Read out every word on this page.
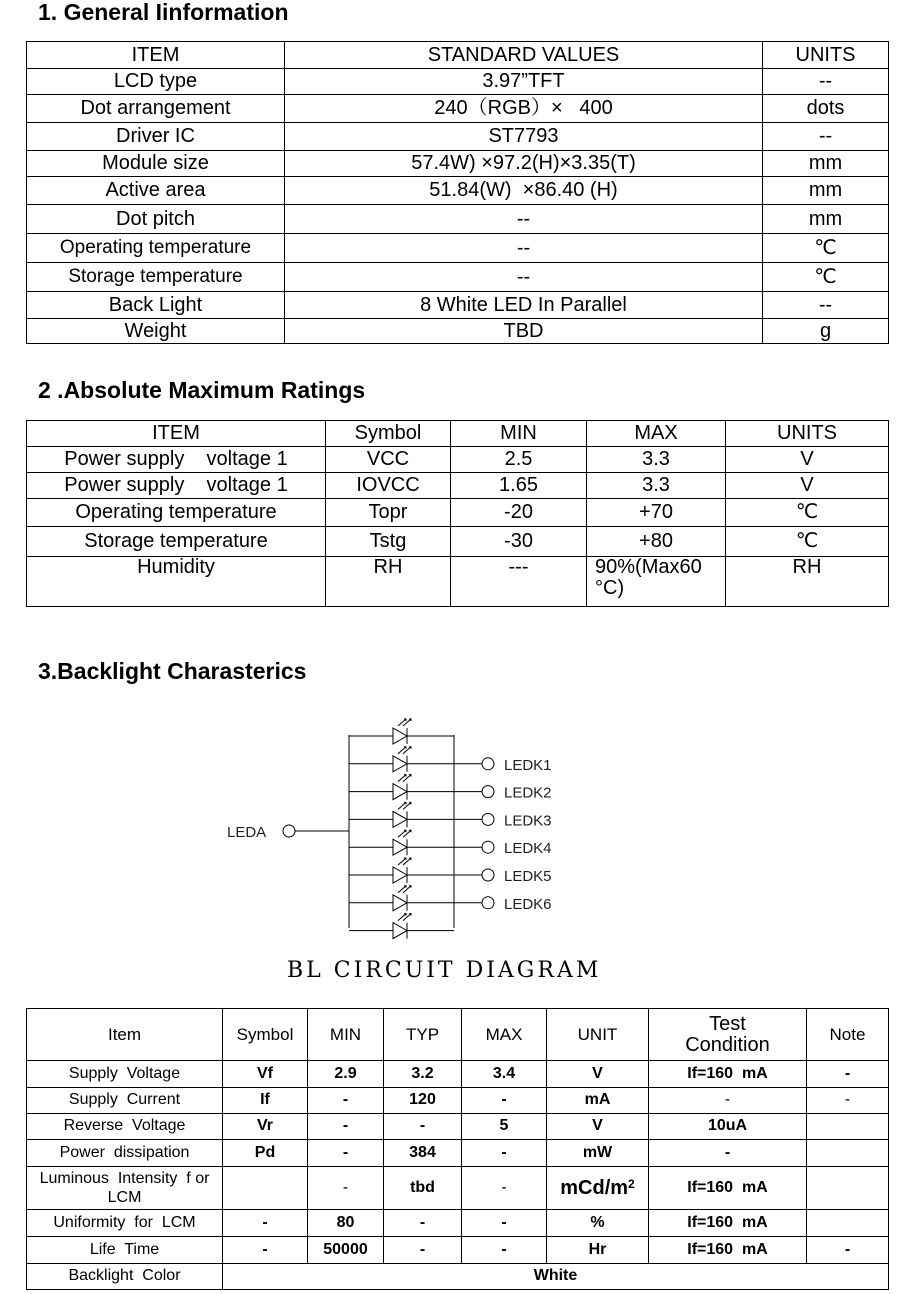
1. General Iinformation
ITEM	STANDARD VALUES	UNITS
LCD type	3.97”TFT	--
Dot arrangement	240（RGB）×   400	dots
Driver IC	ST7793	--
Module size	57.4W) ×97.2(H)×3.35(T)	mm
Active area	51.84(W)  ×86.40 (H)	mm
Dot pitch	--	mm
Operating temperature	--	℃
Storage temperature	--	℃
Back Light	8 White LED In Parallel	--
Weight	TBD	g
2 .Absolute Maximum Ratings
ITEM	Symbol	MIN	MAX	UNITS
Power supply    voltage 1	VCC	2.5	3.3	V
Power supply    voltage 1	IOVCC	1.65	3.3	V
Operating temperature	Topr	-20	+70	℃
Storage temperature	Tstg	-30	+80	℃
Humidity	RH	---	90%(Max60 °C)	RH
3.Backlight Charasterics
LEDK1
LEDK2
LEDK3
LEDK4
LEDK5
LEDK6
LEDA
BL CIRCUIT DIAGRAM
Item	Symbol	MIN	TYP	MAX	UNIT	Test Condition	Note
Supply  Voltage	Vf	2.9	3.2	3.4	V	If=160  mA	-
Supply  Current	If	-	120	-	mA	-	-
Reverse  Voltage	Vr	-	-	5	V	10uA	
Power  dissipation	Pd	-	384	-	mW	-	
Luminous  Intensity  f or  LCM		-	tbd	-	mCd/$m^2$	If=160  mA	
Uniformity  for  LCM	-	80	-	-	%	If=160  mA	
Life  Time	-	50000	-	-	Hr	If=160  mA	-
Backlight  Color	White						
